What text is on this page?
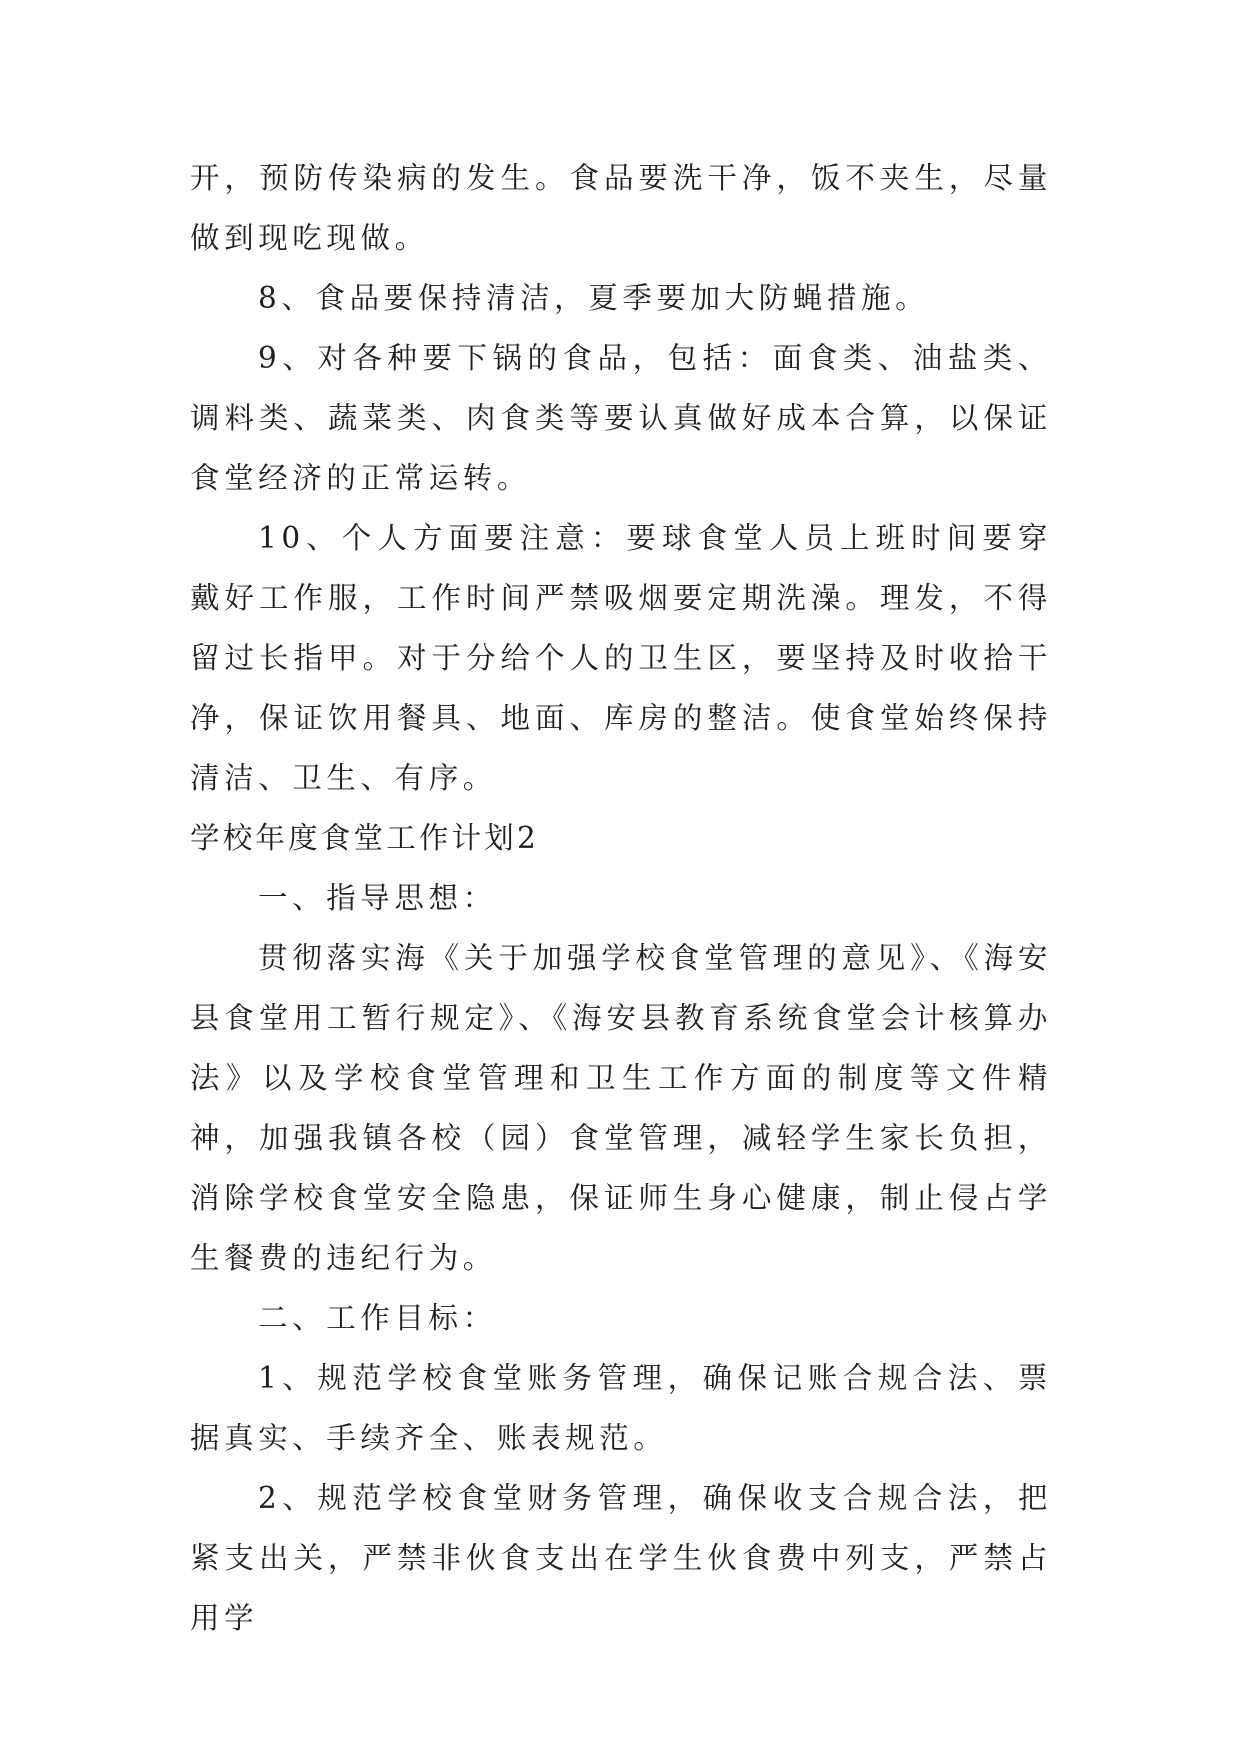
开，预防传染病的发生。食品要洗干净，饭不夹生，尽量做到现吃现做。

8、食品要保持清洁，夏季要加大防蝇措施。

9、对各种要下锅的食品，包括：面食类、油盐类、调料类、蔬菜类、肉食类等要认真做好成本合算，以保证食堂经济的正常运转。

10、个人方面要注意：要球食堂人员上班时间要穿戴好工作服，工作时间严禁吸烟要定期洗澡。理发，不得留过长指甲。对于分给个人的卫生区，要坚持及时收拾干净，保证饮用餐具、地面、库房的整洁。使食堂始终保持清洁、卫生、有序。

学校年度食堂工作计划2

一、指导思想：

贯彻落实海《关于加强学校食堂管理的意见》、《海安县食堂用工暂行规定》、《海安县教育系统食堂会计核算办法》以及学校食堂管理和卫生工作方面的制度等文件精神，加强我镇各校（园）食堂管理，减轻学生家长负担，消除学校食堂安全隐患，保证师生身心健康，制止侵占学生餐费的违纪行为。

二、工作目标：

1、规范学校食堂账务管理，确保记账合规合法、票据真实、手续齐全、账表规范。

2、规范学校食堂财务管理，确保收支合规合法，把紧支出关，严禁非伙食支出在学生伙食费中列支，严禁占用学
